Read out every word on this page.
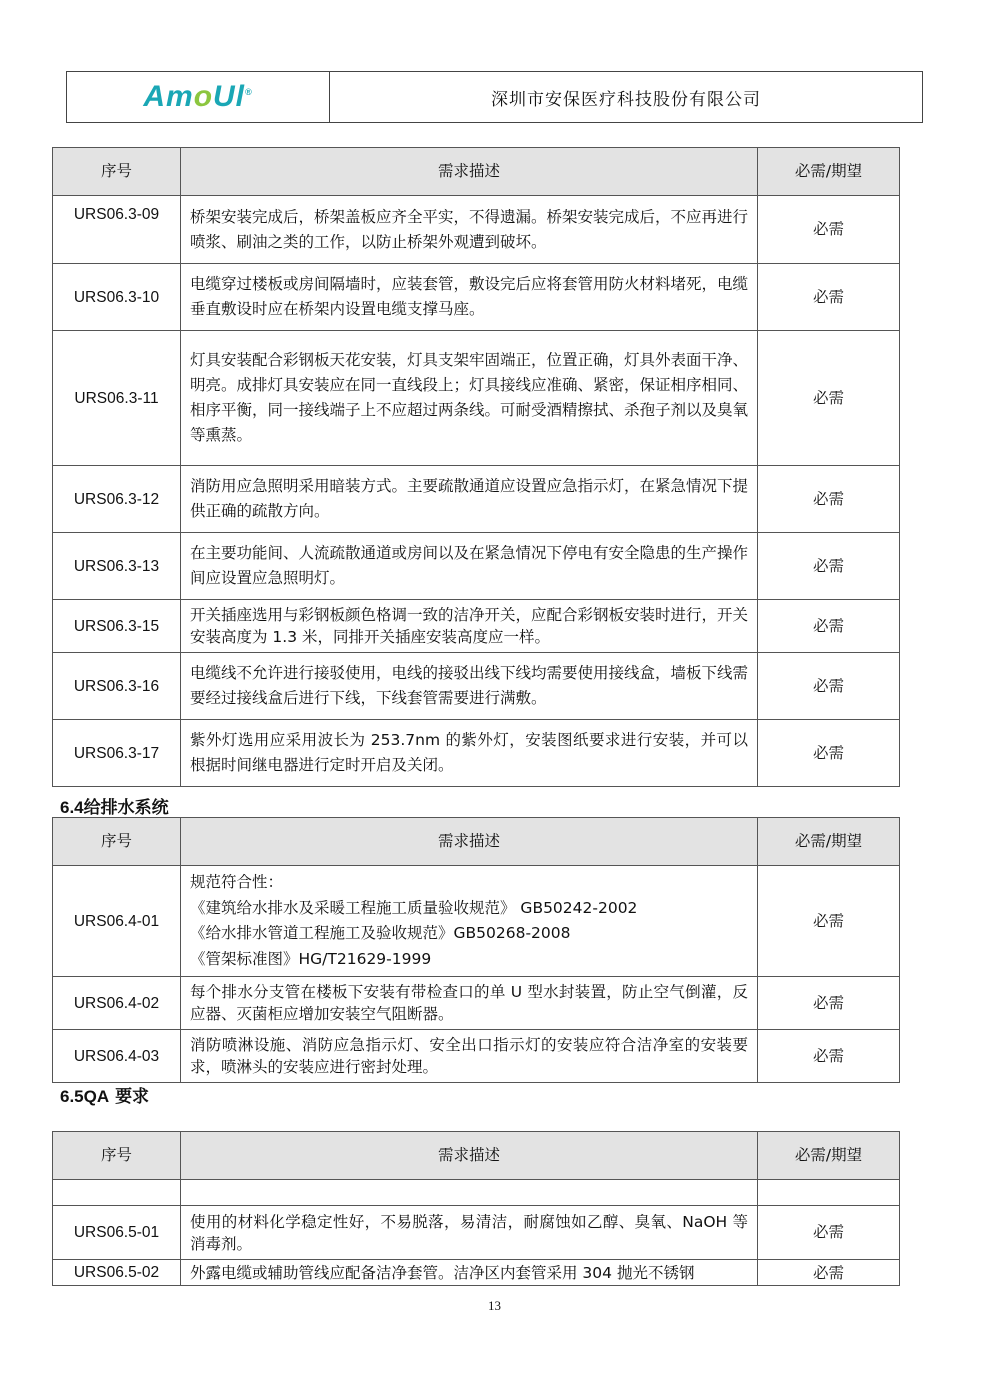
AmoUl®	深圳市安保医疗科技股份有限公司
序号	需求描述	必需/期望
URS06.3-09	桥架安装完成后，桥架盖板应齐全平实，不得遗漏。桥架安装完成后，不应再进行喷浆、刷油之类的工作，以防止桥架外观遭到破坏。	必需
URS06.3-10	电缆穿过楼板或房间隔墙时，应装套管，敷设完后应将套管用防火材料堵死，电缆垂直敷设时应在桥架内设置电缆支撑马座。	必需
URS06.3-11	灯具安装配合彩钢板天花安装，灯具支架牢固端正，位置正确，灯具外表面干净、明亮。成排灯具安装应在同一直线段上；灯具接线应准确、紧密，保证相序相同、相序平衡，同一接线端子上不应超过两条线。可耐受酒精擦拭、杀孢子剂以及臭氧等熏蒸。	必需
URS06.3-12	消防用应急照明采用暗装方式。主要疏散通道应设置应急指示灯，在紧急情况下提供正确的疏散方向。	必需
URS06.3-13	在主要功能间、人流疏散通道或房间以及在紧急情况下停电有安全隐患的生产操作间应设置应急照明灯。	必需
URS06.3-15	开关插座选用与彩钢板颜色格调一致的洁净开关，应配合彩钢板安装时进行，开关安装高度为 1.3 米，同排开关插座安装高度应一样。	必需
URS06.3-16	电缆线不允许进行接驳使用，电线的接驳出线下线均需要使用接线盒，墙板下线需要经过接线盒后进行下线，下线套管需要进行满敷。	必需
URS06.3-17	紫外灯选用应采用波长为 253.7nm 的紫外灯，安装图纸要求进行安装，并可以根据时间继电器进行定时开启及关闭。	必需
6.4给排水系统
序号	需求描述	必需/期望
URS06.4-01	规范符合性：
《建筑给水排水及采暖工程施工质量验收规范》 GB50242-2002
《给水排水管道工程施工及验收规范》GB50268-2008
《管架标准图》HG/T21629-1999	必需
URS06.4-02	每个排水分支管在楼板下安装有带检查口的单 U 型水封装置，防止空气倒灌，反应器、灭菌柜应增加安装空气阻断器。	必需
URS06.4-03	消防喷淋设施、消防应急指示灯、安全出口指示灯的安装应符合洁净室的安装要求，喷淋头的安装应进行密封处理。	必需
6.5QA 要求
序号	需求描述	必需/期望

URS06.5-01	使用的材料化学稳定性好，不易脱落，易清洁，耐腐蚀如乙醇、臭氧、NaOH 等消毒剂。	必需
URS06.5-02	外露电缆或辅助管线应配备洁净套管。洁净区内套管采用 304 抛光不锈钢	必需
13
